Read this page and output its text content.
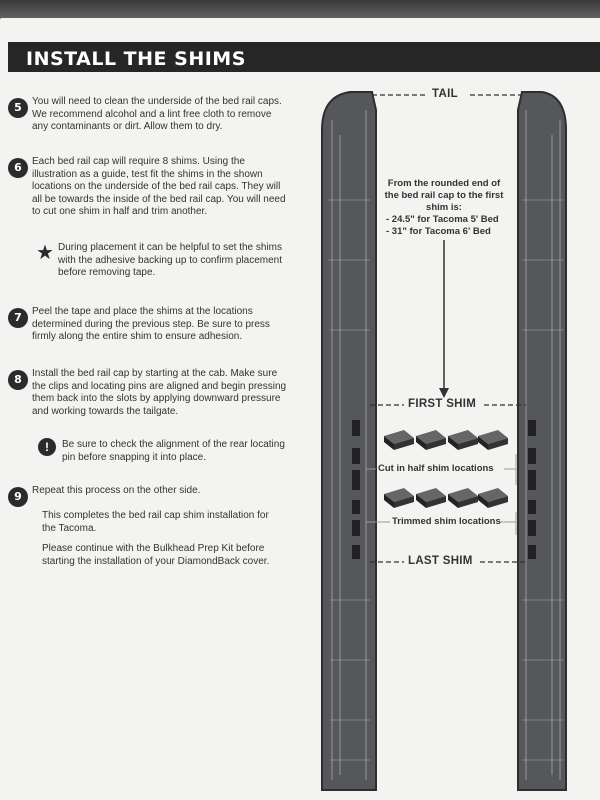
INSTALL THE SHIMS
5	You will need to clean the underside of the bed rail caps. We recommend alcohol and a lint free cloth to remove any contaminants or dirt. Allow them to dry.
6	Each bed rail cap will require 8 shims. Using the illustration as a guide, test fit the shims in the shown locations on the underside of the bed rail caps. They will all be towards the inside of the bed rail cap. You will need to cut one shim in half and trim another.
★ During placement it can be helpful to set the shims with the adhesive backing up to confirm placement before removing tape.
7	Peel the tape and place the shims at the locations determined during the previous step. Be sure to press firmly along the entire shim to ensure adhesion.
8	Install the bed rail cap by starting at the cab. Make sure the clips and locating pins are aligned and begin pressing them back into the slots by applying downward pressure and working towards the tailgate.
!	Be sure to check the alignment of the rear locating pin before snapping it into place.
9	Repeat this process on the other side.
This completes the bed rail cap shim installation for the Tacoma.
Please continue with the Bulkhead Prep Kit before starting the installation of your DiamondBack cover.
TAIL
FIRST SHIM
LAST SHIM
From the rounded end of the bed rail cap to the first shim is:
- 24.5" for Tacoma 5' Bed
- 31" for Tacoma 6' Bed
Cut in half shim locations
Trimmed shim locations
